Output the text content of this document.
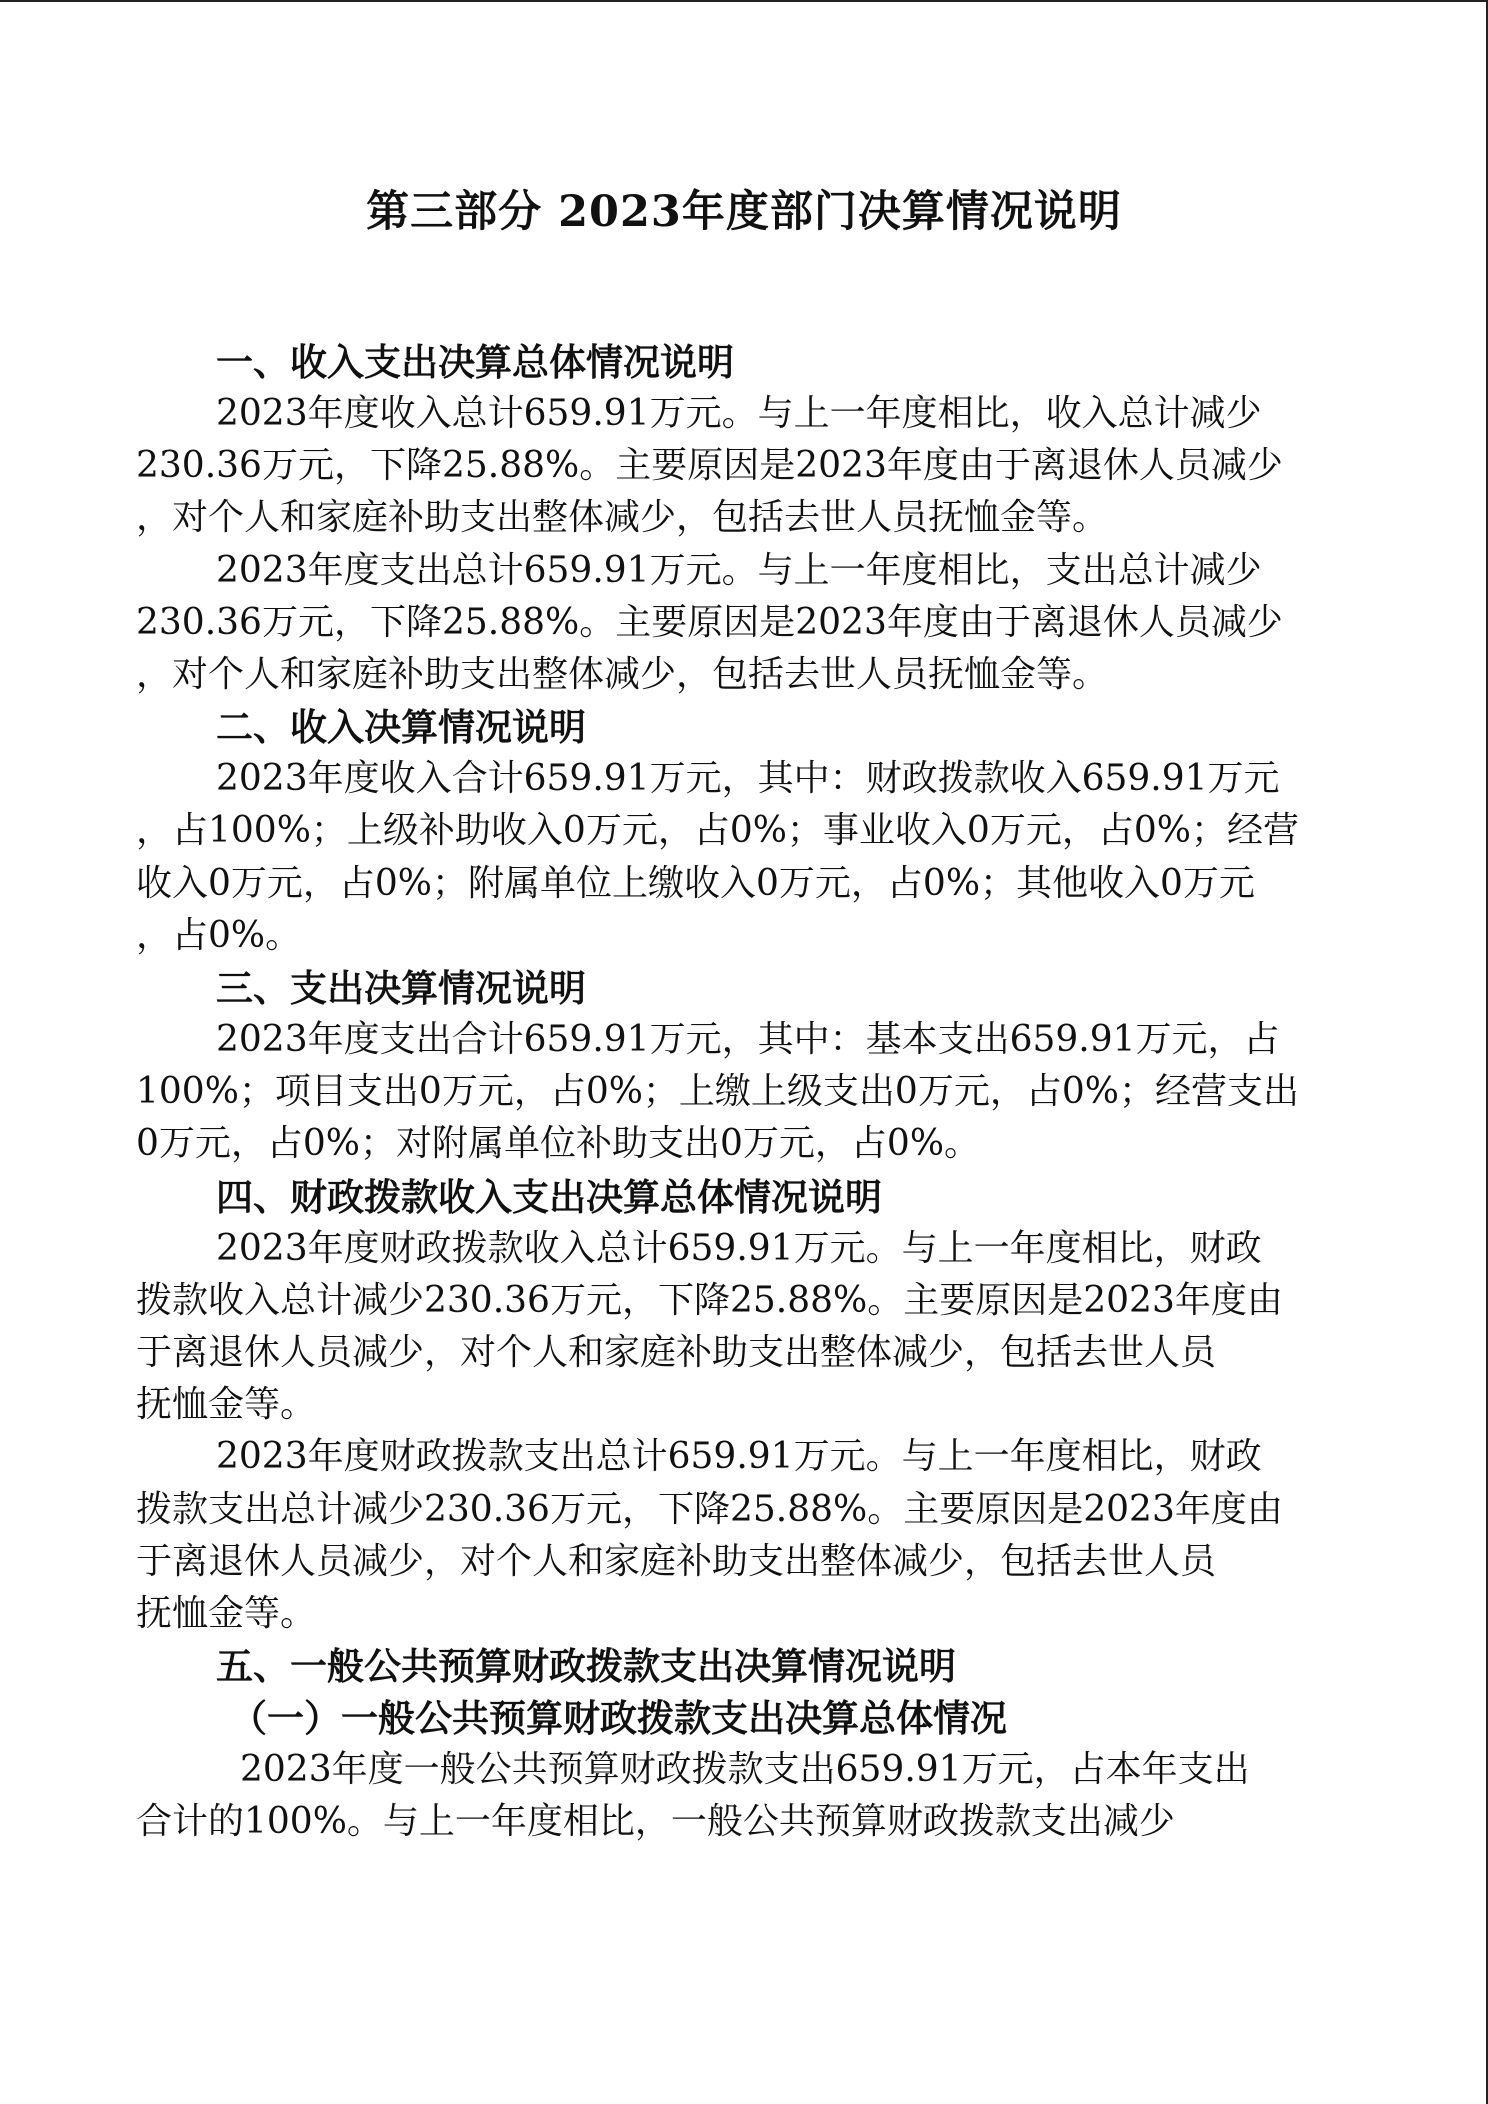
第三部分 2023年度部门决算情况说明

一、收入支出决算总体情况说明

2023年度收入总计659.91万元。与上一年度相比，收入总计减少
230.36万元，下降25.88%。主要原因是2023年度由于离退休人员减少
，对个人和家庭补助支出整体减少，包括去世人员抚恤金等。

2023年度支出总计659.91万元。与上一年度相比，支出总计减少
230.36万元，下降25.88%。主要原因是2023年度由于离退休人员减少
，对个人和家庭补助支出整体减少，包括去世人员抚恤金等。

二、收入决算情况说明

2023年度收入合计659.91万元，其中：财政拨款收入659.91万元
，占100%；上级补助收入0万元，占0%；事业收入0万元，占0%；经营
收入0万元，占0%；附属单位上缴收入0万元，占0%；其他收入0万元
，占0%。

三、支出决算情况说明

2023年度支出合计659.91万元，其中：基本支出659.91万元，占
100%；项目支出0万元，占0%；上缴上级支出0万元，占0%；经营支出
0万元，占0%；对附属单位补助支出0万元，占0%。

四、财政拨款收入支出决算总体情况说明

2023年度财政拨款收入总计659.91万元。与上一年度相比，财政
拨款收入总计减少230.36万元，下降25.88%。主要原因是2023年度由
于离退休人员减少，对个人和家庭补助支出整体减少，包括去世人员
抚恤金等。

2023年度财政拨款支出总计659.91万元。与上一年度相比，财政
拨款支出总计减少230.36万元，下降25.88%。主要原因是2023年度由
于离退休人员减少，对个人和家庭补助支出整体减少，包括去世人员
抚恤金等。

五、一般公共预算财政拨款支出决算情况说明

（一）一般公共预算财政拨款支出决算总体情况

2023年度一般公共预算财政拨款支出659.91万元，占本年支出
合计的100%。与上一年度相比，一般公共预算财政拨款支出减少
